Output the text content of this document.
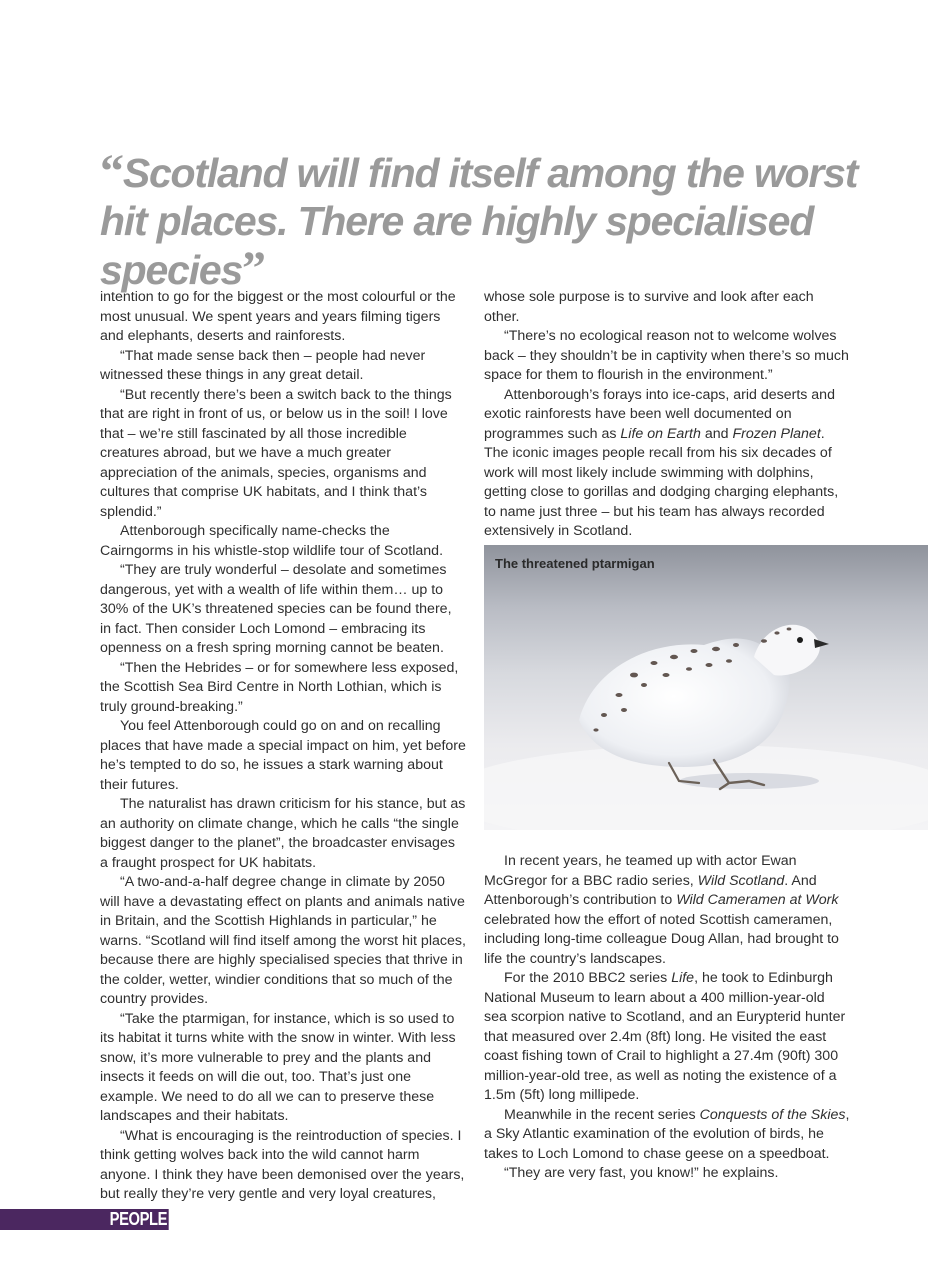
“Scotland will find itself among the worst hit places. There are highly specialised species”

intention to go for the biggest or the most colourful or the most unusual. We spent years and years filming tigers and elephants, deserts and rainforests.

“That made sense back then – people had never witnessed these things in any great detail.

“But recently there’s been a switch back to the things that are right in front of us, or below us in the soil! I love that – we’re still fascinated by all those incredible creatures abroad, but we have a much greater appreciation of the animals, species, organisms and cultures that comprise UK habitats, and I think that’s splendid.”

Attenborough specifically name-checks the Cairngorms in his whistle-stop wildlife tour of Scotland.

“They are truly wonderful – desolate and sometimes dangerous, yet with a wealth of life within them… up to 30% of the UK’s threatened species can be found there, in fact. Then consider Loch Lomond – embracing its openness on a fresh spring morning cannot be beaten.

“Then the Hebrides – or for somewhere less exposed, the Scottish Sea Bird Centre in North Lothian, which is truly ground-breaking.”

You feel Attenborough could go on and on recalling places that have made a special impact on him, yet before he’s tempted to do so, he issues a stark warning about their futures.

The naturalist has drawn criticism for his stance, but as an authority on climate change, which he calls “the single biggest danger to the planet”, the broadcaster envisages a fraught prospect for UK habitats.

“A two-and-a-half degree change in climate by 2050 will have a devastating effect on plants and animals native in Britain, and the Scottish Highlands in particular,” he warns. “Scotland will find itself among the worst hit places, because there are highly specialised species that thrive in the colder, wetter, windier conditions that so much of the country provides.

“Take the ptarmigan, for instance, which is so used to its habitat it turns white with the snow in winter. With less snow, it’s more vulnerable to prey and the plants and insects it feeds on will die out, too. That’s just one example. We need to do all we can to preserve these landscapes and their habitats.

“What is encouraging is the reintroduction of species. I think getting wolves back into the wild cannot harm anyone. I think they have been demonised over the years, but really they’re very gentle and very loyal creatures,

whose sole purpose is to survive and look after each other.

“There’s no ecological reason not to welcome wolves back – they shouldn’t be in captivity when there’s so much space for them to flourish in the environment.”

Attenborough’s forays into ice-caps, arid deserts and exotic rainforests have been well documented on programmes such as Life on Earth and Frozen Planet. The iconic images people recall from his six decades of work will most likely include swimming with dolphins, getting close to gorillas and dodging charging elephants, to name just three – but his team has always recorded extensively in Scotland.

The threatened ptarmigan

In recent years, he teamed up with actor Ewan McGregor for a BBC radio series, Wild Scotland. And Attenborough’s contribution to Wild Cameramen at Work celebrated how the effort of noted Scottish cameramen, including long-time colleague Doug Allan, had brought to life the country’s landscapes.

For the 2010 BBC2 series Life, he took to Edinburgh National Museum to learn about a 400 million-year-old sea scorpion native to Scotland, and an Eurypterid hunter that measured over 2.4m (8ft) long. He visited the east coast fishing town of Crail to highlight a 27.4m (90ft) 300 million-year-old tree, as well as noting the existence of a 1.5m (5ft) long millipede.

Meanwhile in the recent series Conquests of the Skies, a Sky Atlantic examination of the evolution of birds, he takes to Loch Lomond to chase geese on a speedboat.

“They are very fast, you know!” he explains.

PEOPLE
